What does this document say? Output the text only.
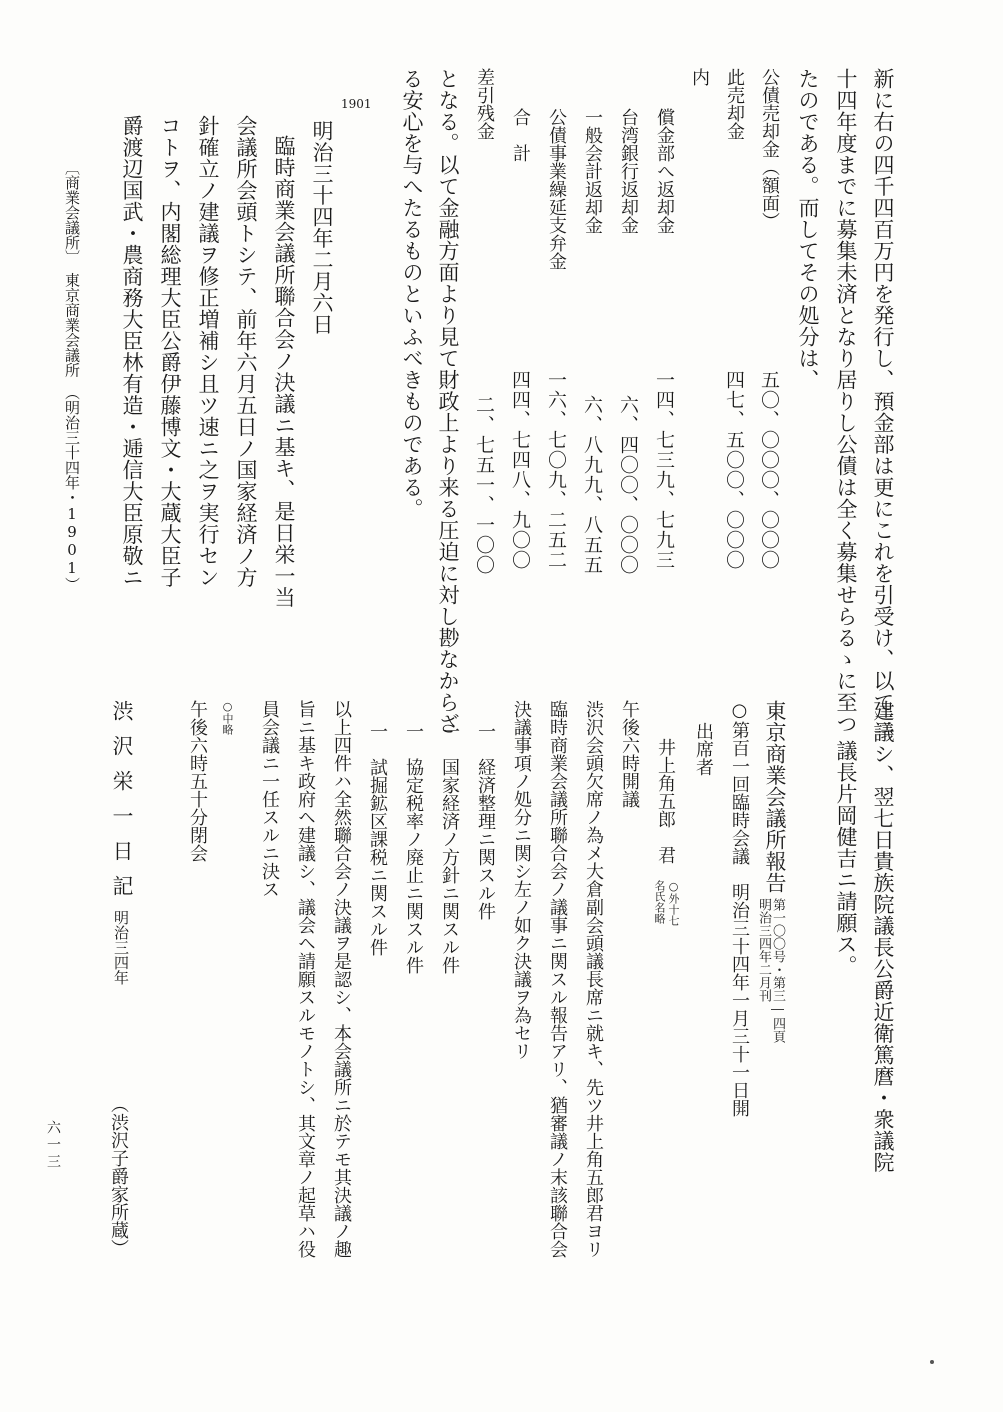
新に右の四千四百万円を発行し、預金部は更にこれを引受け、以て三
十四年度までに募集未済となり居りし公債は全く募集せらるゝに至つ
たのである。而してその処分は、
公債売却金（額面）
五〇、〇〇〇、〇〇〇
此売却金
四七、五〇〇、〇〇〇
内
償金部へ返却金
一四、七三九、七九三
台湾銀行返却金
六、四〇〇、〇〇〇
一般会計返却金
六、八九九、八五五
公債事業繰延支弁金
一六、七〇九、二五二
合　計
四四、七四八、九〇〇
差引残金
二、七五一、一〇〇
となる。以て金融方面より見て財政上より来る圧迫に対し尠なからざ
る安心を与へたるものといふべきものである。
1901
明治三十四年二月六日
臨時商業会議所聯合会ノ決議ニ基キ、是日栄一当
会議所会頭トシテ、前年六月五日ノ国家経済ノ方
針確立ノ建議ヲ修正増補シ且ツ速ニ之ヲ実行セン
コトヲ、内閣総理大臣公爵伊藤博文・大蔵大臣子
爵渡辺国武・農商務大臣林有造・逓信大臣原敬ニ
〔商業会議所〕　東京商業会議所　（明治三十四年・1901）
建議シ、翌七日貴族院議長公爵近衛篤麿・衆議院
議長片岡健吉ニ請願ス。
東京商業会議所報告
第一〇〇号・第三―四頁
明治三四年二月刊
○第百一回臨時会議　明治三十四年一月三十一日開
出席者
井上角五郎　君
○外十七
名氏名略
午後六時開議
渋沢会頭欠席ノ為メ大倉副会頭議長席ニ就キ、先ツ井上角五郎君ヨリ
臨時商業会議所聯合会ノ議事ニ関スル報告アリ、猶審議ノ末該聯合会
決議事項ノ処分ニ関シ左ノ如ク決議ヲ為セリ
一　経済整理ニ関スル件
一　国家経済ノ方針ニ関スル件
一　協定税率ノ廃止ニ関スル件
一　試掘鉱区課税ニ関スル件
以上四件ハ全然聯合会ノ決議ヲ是認シ、本会議所ニ於テモ其決議ノ趣
旨ニ基キ政府ヘ建議シ、議会ヘ請願スルモノトシ、其文章ノ起草ハ役
員会議ニ一任スルニ決ス
○中略
午後六時五十分閉会
渋沢栄一日記
明治三四年
（渋沢子爵家所蔵）
六一三
